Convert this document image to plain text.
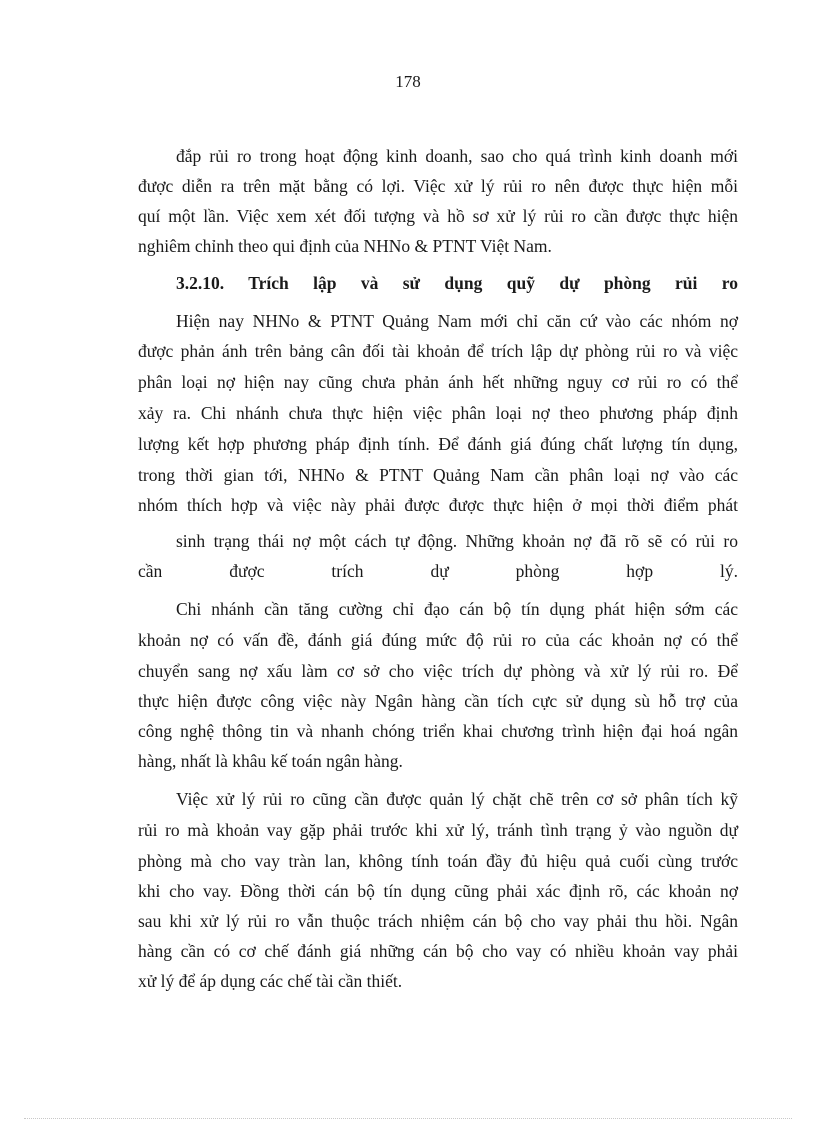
178
đắp rủi ro trong hoạt động kinh doanh, sao cho quá trình kinh doanh mới
được diễn ra trên mặt bằng có lợi. Việc xử lý rủi ro nên được thực hiện mỗi
quí một lần. Việc xem xét đối tượng và hồ sơ xử lý rủi ro cần được thực hiện
nghiêm chỉnh theo qui định của NHNo & PTNT Việt Nam.
3.2.10. Trích lập và sử dụng quỹ dự phòng rủi ro
Hiện nay NHNo & PTNT Quảng Nam mới chỉ căn cứ vào các nhóm nợ
được phản ánh trên bảng cân đối tài khoản để trích lập dự phòng rủi ro và việc
phân loại nợ hiện nay cũng chưa phản ánh hết những nguy cơ rủi ro có thể
xảy ra. Chi nhánh chưa thực hiện việc phân loại nợ theo phương pháp định
lượng kết hợp phương pháp định tính. Để đánh giá đúng chất lượng tín dụng,
trong thời gian tới, NHNo & PTNT Quảng Nam cần phân loại nợ vào các
nhóm thích hợp và việc này phải được được thực hiện ở mọi thời điểm phát
sinh trạng thái nợ một cách tự động. Những khoản nợ đã rõ sẽ có rủi ro
cần được trích dự phòng hợp lý.
Chi nhánh cần tăng cường chỉ đạo cán bộ tín dụng phát hiện sớm các
khoản nợ có vấn đề, đánh giá đúng mức độ rủi ro của các khoản nợ có thể
chuyển sang nợ xấu làm cơ sở cho việc trích dự phòng và xử lý rủi ro. Để
thực hiện được công việc này Ngân hàng cần tích cực sử dụng sù hỗ trợ của
công nghệ thông tin và nhanh chóng triển khai chương trình hiện đại hoá ngân
hàng, nhất là khâu kế toán ngân hàng.
Việc xử lý rủi ro cũng cần được quản lý chặt chẽ trên cơ sở phân tích kỹ
rủi ro mà khoản vay gặp phải trước khi xử lý, tránh tình trạng ỷ vào nguồn dự
phòng mà cho vay tràn lan, không tính toán đầy đủ hiệu quả cuối cùng trước
khi cho vay. Đồng thời cán bộ tín dụng cũng phải xác định rõ, các khoản nợ
sau khi xử lý rủi ro vẫn thuộc trách nhiệm cán bộ cho vay phải thu hồi. Ngân
hàng cần có cơ chế đánh giá những cán bộ cho vay có nhiều khoản vay phải
xử lý để áp dụng các chế tài cần thiết.
